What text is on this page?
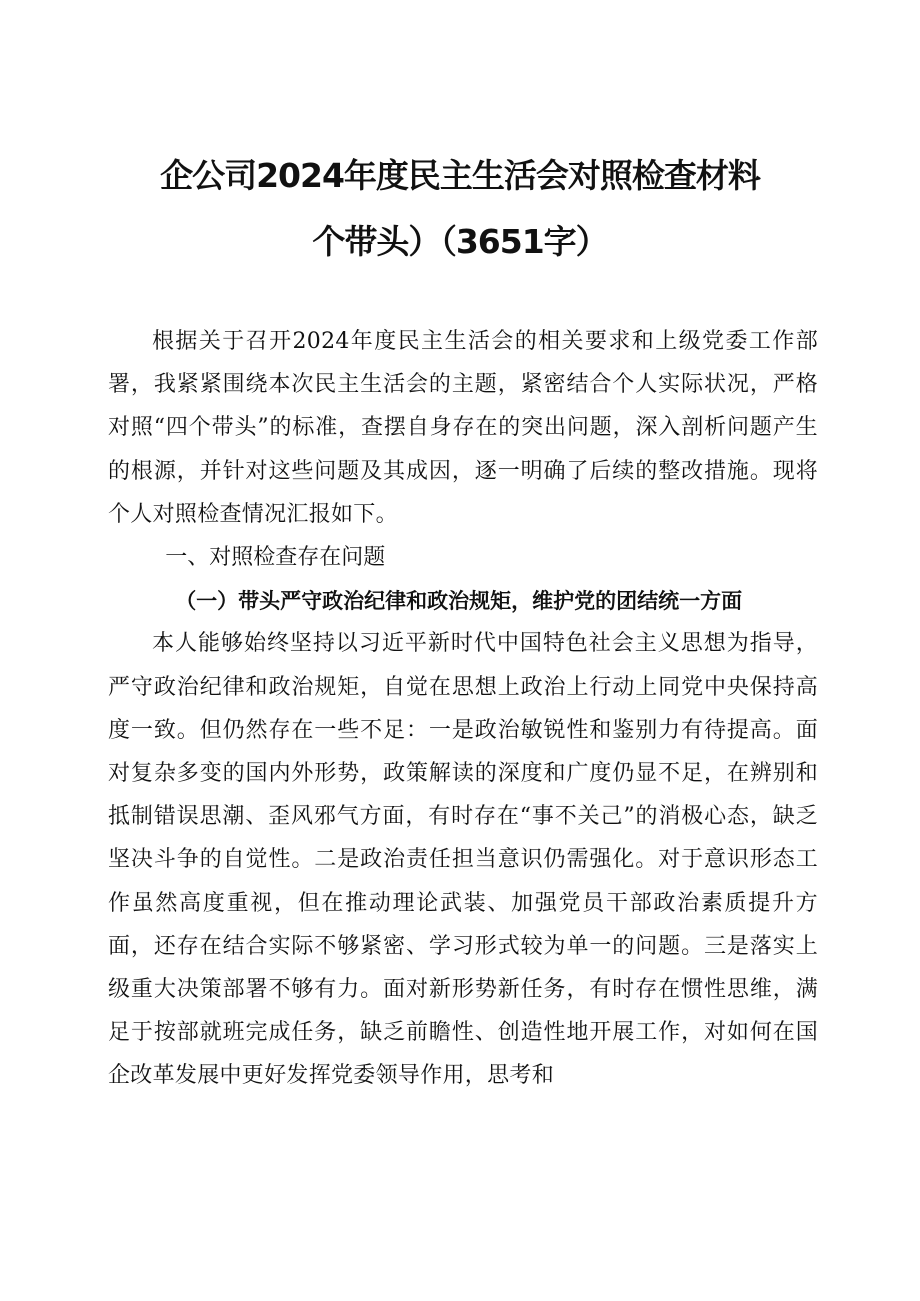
企公司2024年度民主生活会对照检查材料
个带头）（3651字）

根据关于召开2024年度民主生活会的相关要求和上级党委工作部署，我紧紧围绕本次民主生活会的主题，紧密结合个人实际状况，严格对照“四个带头”的标准，查摆自身存在的突出问题，深入剖析问题产生的根源，并针对这些问题及其成因，逐一明确了后续的整改措施。现将个人对照检查情况汇报如下。

一、对照检查存在问题

（一）带头严守政治纪律和政治规矩，维护党的团结统一方面

本人能够始终坚持以习近平新时代中国特色社会主义思想为指导，严守政治纪律和政治规矩，自觉在思想上政治上行动上同党中央保持高度一致。但仍然存在一些不足：一是政治敏锐性和鉴别力有待提高。面对复杂多变的国内外形势，政策解读的深度和广度仍显不足，在辨别和抵制错误思潮、歪风邪气方面，有时存在“事不关己”的消极心态，缺乏坚决斗争的自觉性。二是政治责任担当意识仍需强化。对于意识形态工作虽然高度重视，但在推动理论武装、加强党员干部政治素质提升方面，还存在结合实际不够紧密、学习形式较为单一的问题。三是落实上级重大决策部署不够有力。面对新形势新任务，有时存在惯性思维，满足于按部就班完成任务，缺乏前瞻性、创造性地开展工作，对如何在国企改革发展中更好发挥党委领导作用，思考和
